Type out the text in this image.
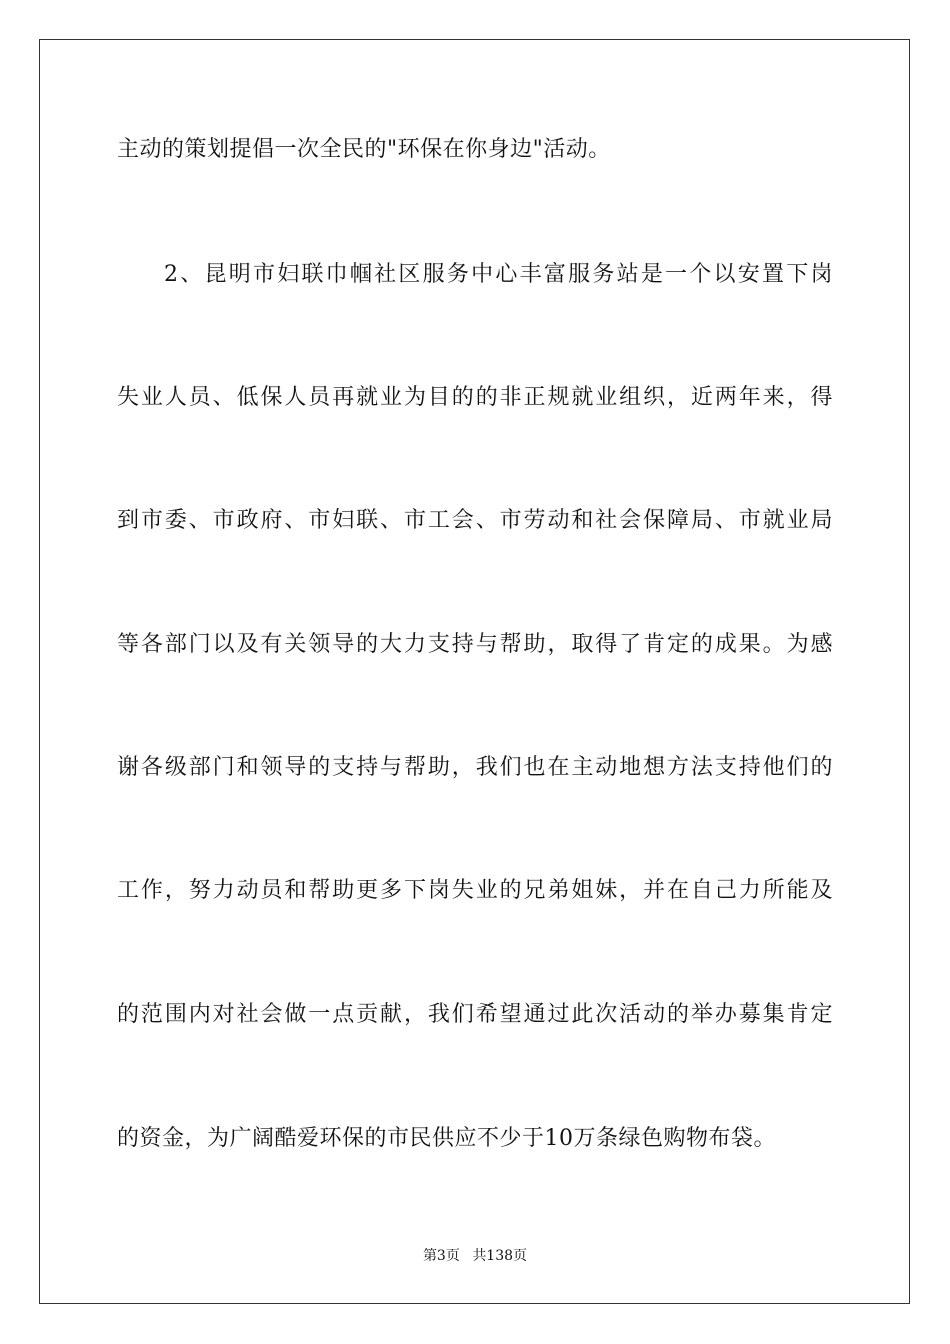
主动的策划提倡一次全民的"环保在你身边"活动。
2、昆明市妇联巾帼社区服务中心丰富服务站是一个以安置下岗
失业人员、低保人员再就业为目的的非正规就业组织，近两年来，得
到市委、市政府、市妇联、市工会、市劳动和社会保障局、市就业局
等各部门以及有关领导的大力支持与帮助，取得了肯定的成果。为感
谢各级部门和领导的支持与帮助，我们也在主动地想方法支持他们的
工作，努力动员和帮助更多下岗失业的兄弟姐妹，并在自己力所能及
的范围内对社会做一点贡献，我们希望通过此次活动的举办募集肯定
的资金，为广阔酷爱环保的市民供应不少于10万条绿色购物布袋。
第3页 共138页
